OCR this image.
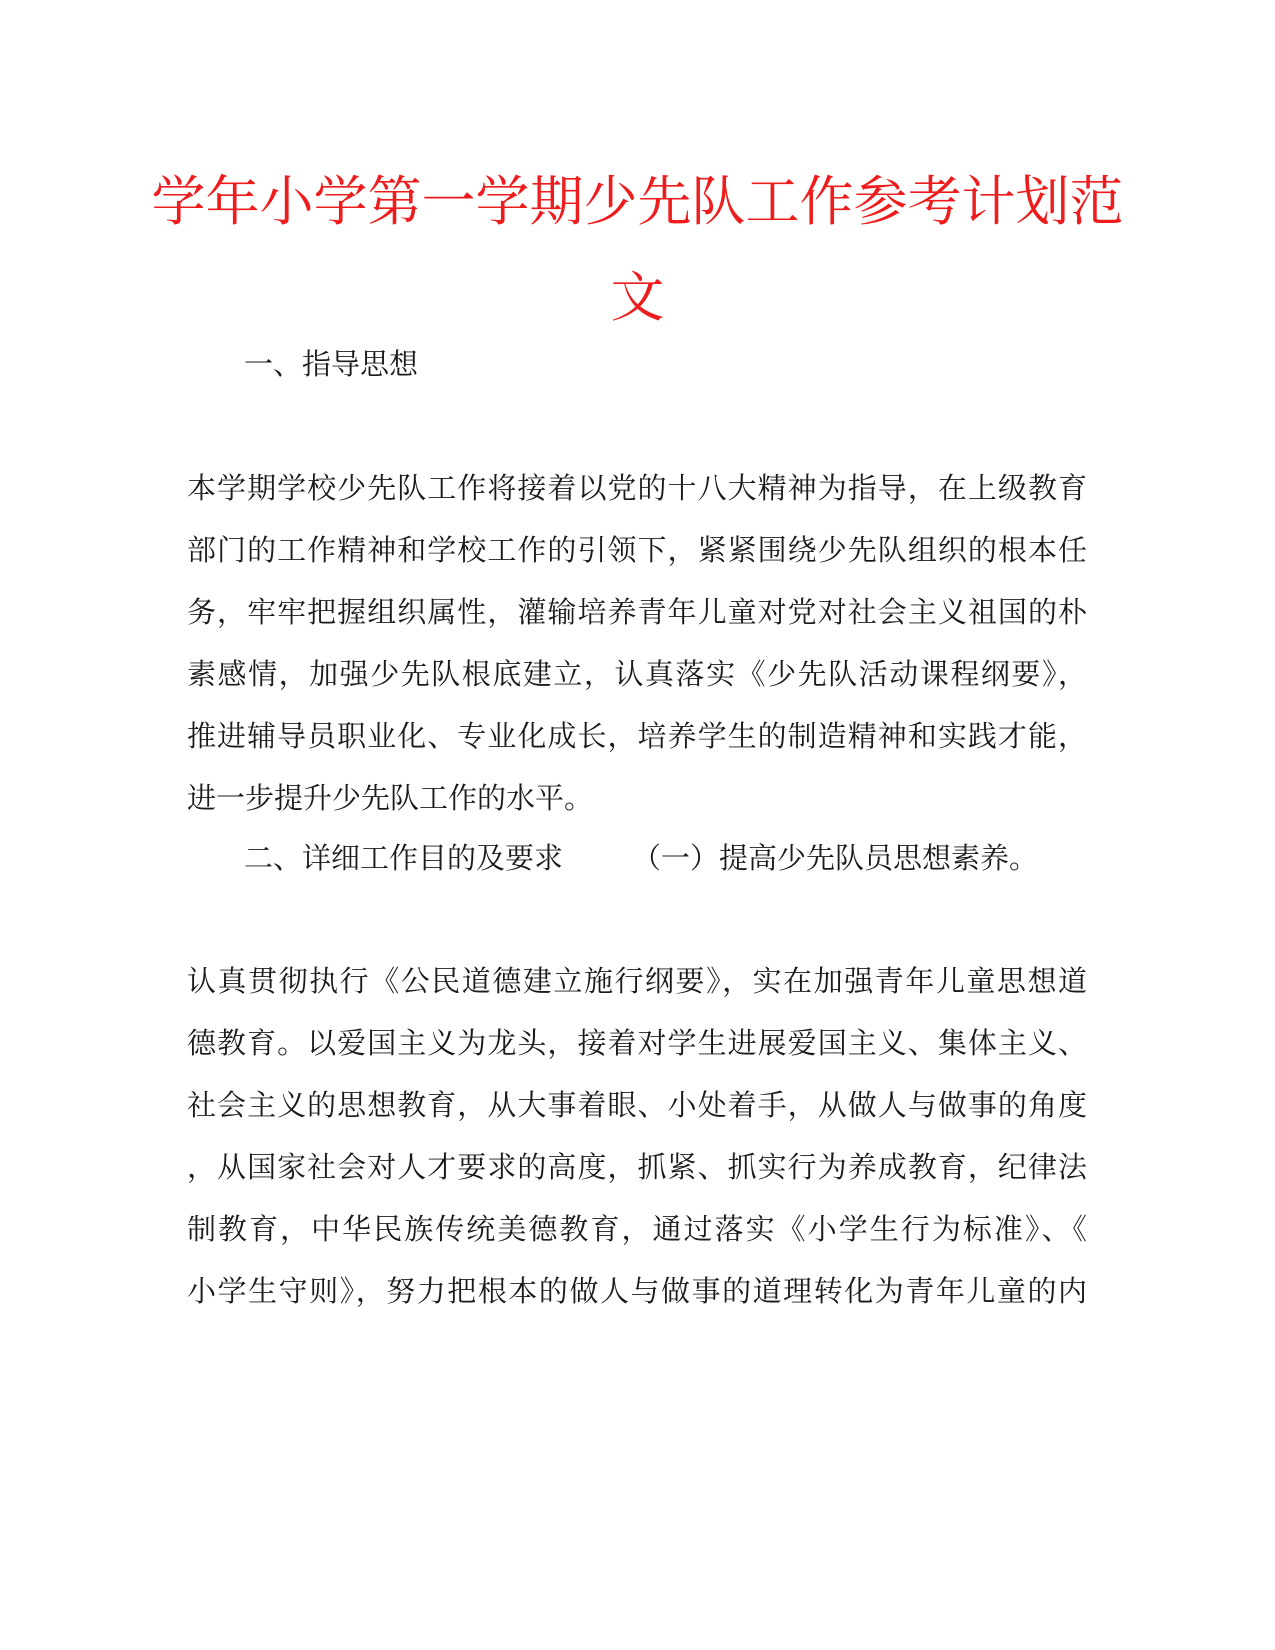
学年小学第一学期少先队工作参考计划范
文
一、指导思想
本学期学校少先队工作将接着以党的十八大精神为指导，在上级教育
部门的工作精神和学校工作的引领下，紧紧围绕少先队组织的根本任
务，牢牢把握组织属性，灌输培养青年儿童对党对社会主义祖国的朴
素感情，加强少先队根底建立，认真落实《少先队活动课程纲要》，
推进辅导员职业化、专业化成长，培养学生的制造精神和实践才能，
进一步提升少先队工作的水平。
二、详细工作目的及要求 （一）提高少先队员思想素养。
认真贯彻执行《公民道德建立施行纲要》，实在加强青年儿童思想道
德教育。以爱国主义为龙头，接着对学生进展爱国主义、集体主义、
社会主义的思想教育，从大事着眼、小处着手，从做人与做事的角度
，从国家社会对人才要求的高度，抓紧、抓实行为养成教育，纪律法
制教育，中华民族传统美德教育，通过落实《小学生行为标准》、《
小学生守则》，努力把根本的做人与做事的道理转化为青年儿童的内
